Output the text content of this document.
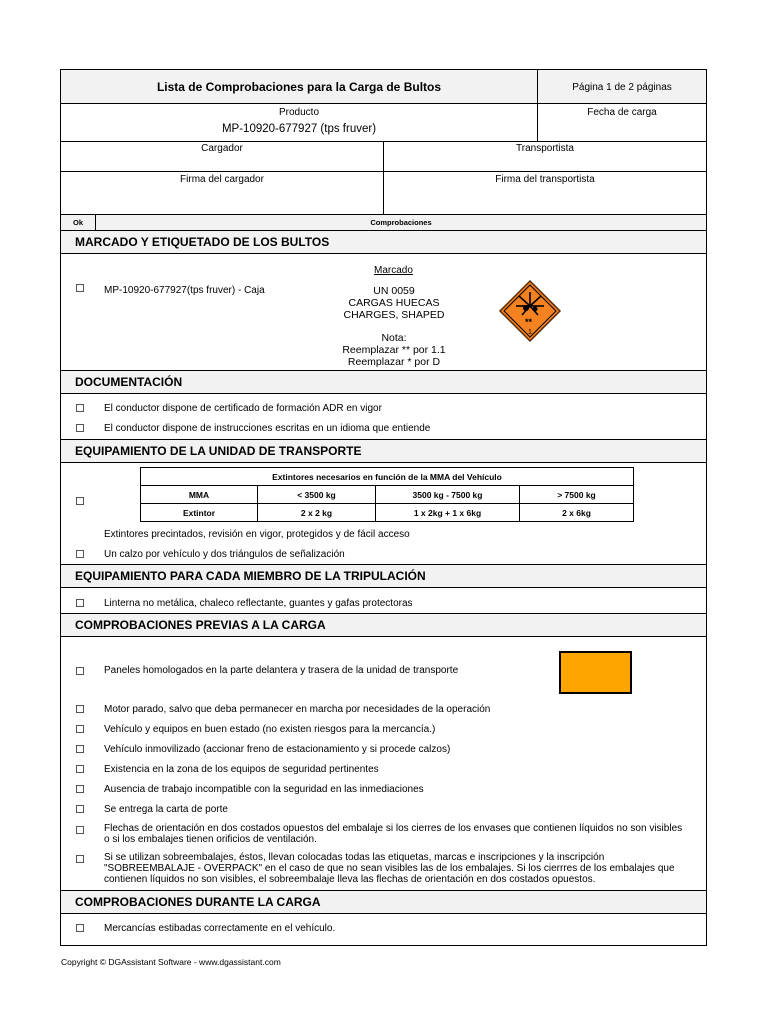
Lista de Comprobaciones para la Carga de Bultos	Página 1 de 2 páginas
Producto
MP-10920-677927 (tps fruver)
Fecha de carga
Cargador	Transportista
Firma del cargador	Firma del transportista
Ok	Comprobaciones
MARCADO Y ETIQUETADO DE LOS BULTOS
MP-10920-677927(tps fruver) - Caja
Marcado
UN 0059
CARGAS HUECAS
CHARGES, SHAPED
Nota:
Reemplazar ** por 1.1
Reemplazar * por D
**
1
DOCUMENTACIÓN
El conductor dispone de certificado de formación ADR en vigor
El conductor dispone de instrucciones escritas en un idioma que entiende
EQUIPAMIENTO DE LA UNIDAD DE TRANSPORTE
Extintores necesarios en función de la MMA del Vehículo			
MMA	< 3500 kg	3500 kg - 7500 kg	> 7500 kg
Extintor	2 x 2 kg	1 x 2kg + 1 x 6kg	2 x 6kg
Extintores precintados, revisión en vigor, protegidos y de fácil acceso
Un calzo por vehículo y dos triángulos de señalización
EQUIPAMIENTO PARA CADA MIEMBRO DE LA TRIPULACIÓN
Linterna no metálica, chaleco reflectante, guantes y gafas protectoras
COMPROBACIONES PREVIAS A LA CARGA
Paneles homologados en la parte delantera y trasera de la unidad de transporte
Motor parado, salvo que deba permanecer en marcha por necesidades de la operación
Vehículo y equipos en buen estado (no existen riesgos para la mercancía.)
Vehículo inmovilizado (accionar freno de estacionamiento y si procede calzos)
Existencia en la zona de los equipos de seguridad pertinentes
Ausencia de trabajo incompatible con la seguridad en las inmediaciones
Se entrega la carta de porte
Flechas de orientación en dos costados opuestos del embalaje si los cierres de los envases que contienen líquidos no son visibles o si los embalajes tienen orificios de ventilación.
Si se utilizan sobreembalajes, éstos, llevan colocadas todas las etiquetas, marcas e inscripciones y la inscripción "SOBREEMBALAJE - OVERPACK" en el caso de que no sean visibles las de los embalajes. Si los cierrres de los embalajes que contienen líquidos no son visibles, el sobreembalaje lleva las flechas de orientación en dos costados opuestos.
COMPROBACIONES DURANTE LA CARGA
Mercancías estibadas correctamente en el vehículo.
Copyright © DGAssistant Software - www.dgassistant.com
